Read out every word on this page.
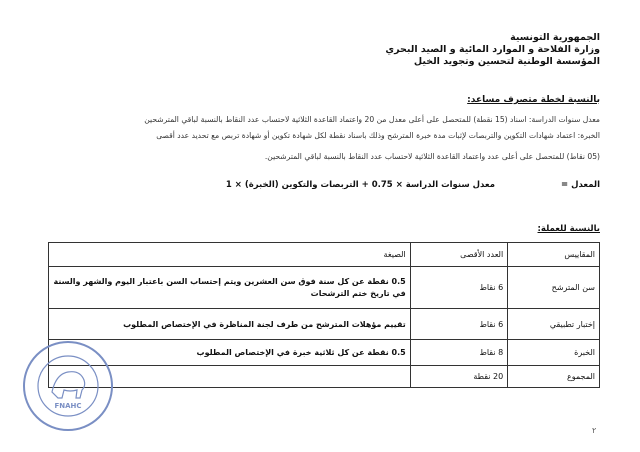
الجمهورية التونسية
وزارة الفلاحة و الموارد المائية و الصيد البحري
المؤسسة الوطنية لتحسين وتجويد الخيل
بالنسبة لخطة متصرف مساعد:
معدل سنوات الدراسة: اسناد (15 نقطة) للمتحصل على أعلى معدل من 20 واعتماد القاعدة الثلاثية لاحتساب عدد النقاط بالنسبة لباقي المترشحين
الخبرة: اعتماد شهادات التكوين والتربصات لإثبات مدة خبرة المترشح وذلك باسناد نقطة لكل شهادة تكوين أو شهادة تربص مع تحديد عدد أقصى
(05 نقاط) للمتحصل على أعلى عدد واعتماد القاعدة الثلاثية لاحتساب عدد النقاط بالنسبة لباقي المترشحين.
المعدل =
معدل سنوات الدراسة × 0.75 + التربصات والتكوين (الخبرة) × 1
بالنسبة للعملة:
المقاييس	العدد الأقصى	الصيغة
سن المترشح	6 نقاط	0.5 نقطة عن كل سنة فوق سن العشرين ويتم إحتساب السن باعتبار اليوم والشهر والسنة في تاريخ ختم الترشحات
إختبار تطبيقي	6 نقاط	تقييم مؤهلات المترشح من طرف لجنة المناظرة في الإختصاص المطلوب
الخبرة	8 نقاط	0.5 نقطة عن كل ثلاثية خبرة في الإختصاص المطلوب
المجموع	20 نقطة	
FNAHC
٢
